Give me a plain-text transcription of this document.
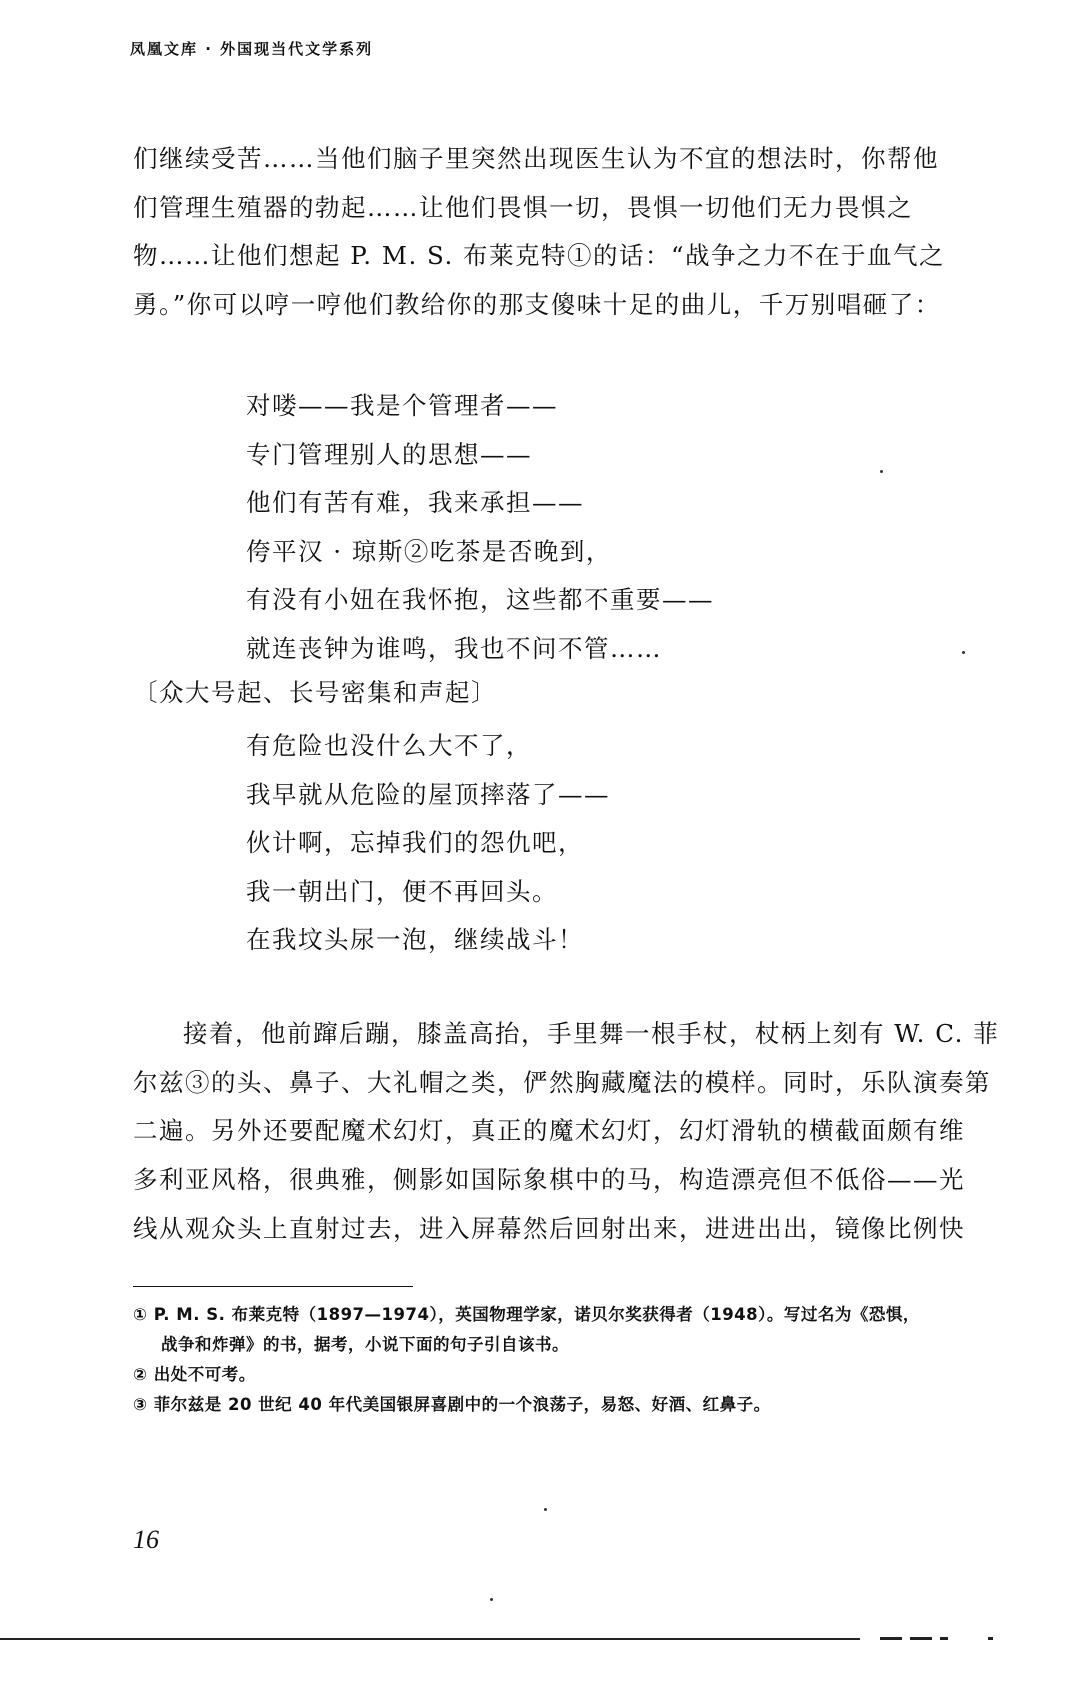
凤凰文库 · 外国现当代文学系列
们继续受苦……当他们脑子里突然出现医生认为不宜的想法时，你帮他
们管理生殖器的勃起……让他们畏惧一切，畏惧一切他们无力畏惧之
物……让他们想起 P. M. S. 布莱克特①的话：“战争之力不在于血气之
勇。”你可以哼一哼他们教给你的那支傻味十足的曲儿，千万别唱砸了：
对喽——我是个管理者——
专门管理别人的思想——
他们有苦有难，我来承担——
侉平汉 · 琼斯②吃茶是否晚到，
有没有小妞在我怀抱，这些都不重要——
就连丧钟为谁鸣，我也不问不管……
〔众大号起、长号密集和声起〕
有危险也没什么大不了，
我早就从危险的屋顶摔落了——
伙计啊，忘掉我们的怨仇吧，
我一朝出门，便不再回头。
在我坟头尿一泡，继续战斗！
接着，他前蹿后蹦，膝盖高抬，手里舞一根手杖，杖柄上刻有 W. C. 菲
尔兹③的头、鼻子、大礼帽之类，俨然胸藏魔法的模样。同时，乐队演奏第
二遍。另外还要配魔术幻灯，真正的魔术幻灯，幻灯滑轨的横截面颇有维
多利亚风格，很典雅，侧影如国际象棋中的马，构造漂亮但不低俗——光
线从观众头上直射过去，进入屏幕然后回射出来，进进出出，镜像比例快
① P. M. S. 布莱克特（1897—1974），英国物理学家，诺贝尔奖获得者（1948）。写过名为《恐惧，
战争和炸弹》的书，据考，小说下面的句子引自该书。
② 出处不可考。
③ 菲尔兹是 20 世纪 40 年代美国银屏喜剧中的一个浪荡子，易怒、好酒、红鼻子。
16
